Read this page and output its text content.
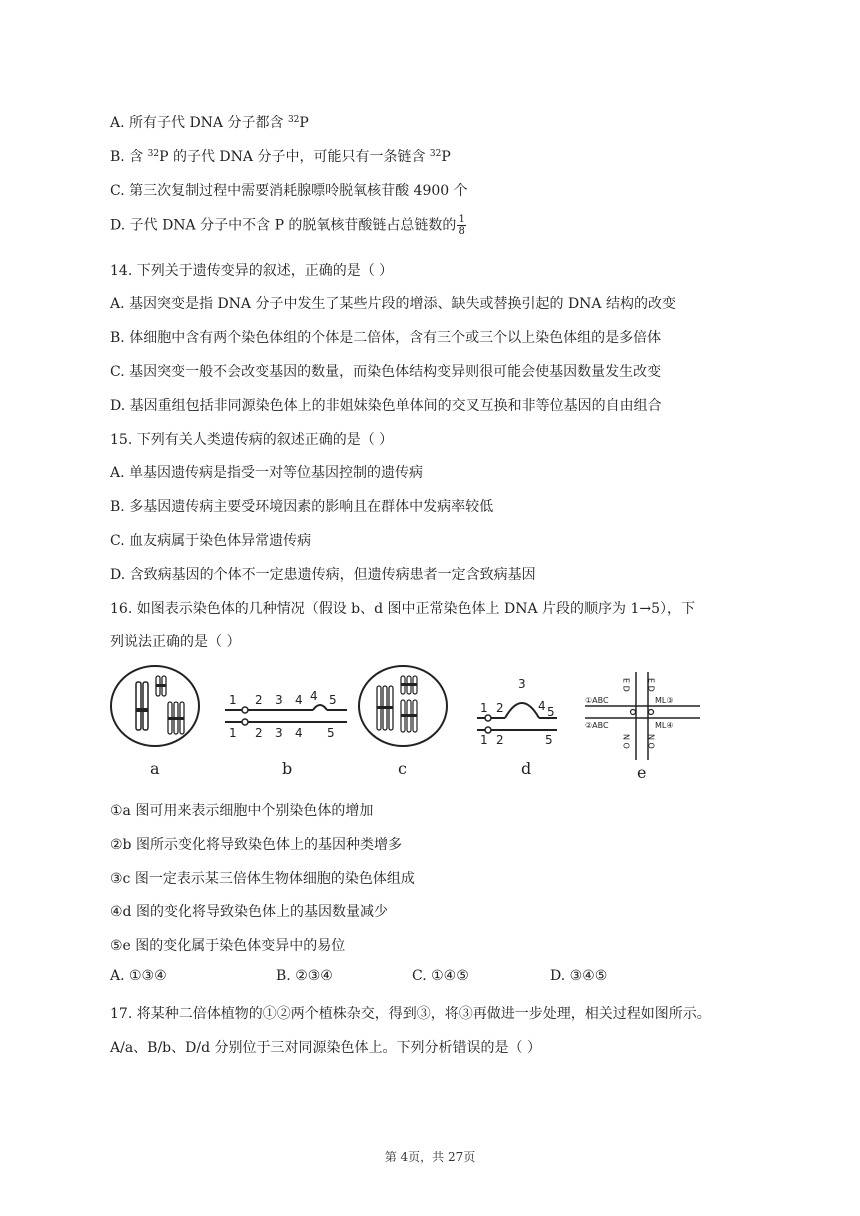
A. 所有子代 DNA 分子都含 $^{32}$P
B. 含 $^{32}$P 的子代 DNA 分子中，可能只有一条链含 $^{32}$P
C. 第三次复制过程中需要消耗腺嘌呤脱氧核苷酸 4900 个
D. 子代 DNA 分子中不含 P 的脱氧核苷酸链占总链数的 $\frac{1}{8}$
14. 下列关于遗传变异的叙述，正确的是（ ）
A. 基因突变是指 DNA 分子中发生了某些片段的增添、缺失或替换引起的 DNA 结构的改变
B. 体细胞中含有两个染色体组的个体是二倍体，含有三个或三个以上染色体组的是多倍体
C. 基因突变一般不会改变基因的数量，而染色体结构变异则很可能会使基因数量发生改变
D. 基因重组包括非同源染色体上的非姐妹染色单体间的交叉互换和非等位基因的自由组合
15. 下列有关人类遗传病的叙述正确的是（ ）
A. 单基因遗传病是指受一对等位基因控制的遗传病
B. 多基因遗传病主要受环境因素的影响且在群体中发病率较低
C. 血友病属于染色体异常遗传病
D. 含致病基因的个体不一定患遗传病，但遗传病患者一定含致病基因
16. 如图表示染色体的几种情况（假设 b、d 图中正常染色体上 DNA 片段的顺序为 1→5），下
列说法正确的是（ ）
a
1 2 3 4 4 5
1 2 3 4 5
b	c
1 2
3
4 5
1 2	5
d
①ABC
②ABC
ML③
ML④
E D E D
N O N O
e
①a 图可用来表示细胞中个别染色体的增加
②b 图所示变化将导致染色体上的基因种类增多
③c 图一定表示某三倍体生物体细胞的染色体组成
④d 图的变化将导致染色体上的基因数量减少
⑤e 图的变化属于染色体变异中的易位
A. ①③④	B. ②③④	C. ①④⑤	D. ③④⑤
17. 将某种二倍体植物的①②两个植株杂交，得到③，将③再做进一步处理，相关过程如图所示。
A/a、B/b、D/d 分别位于三对同源染色体上。下列分析错误的是（ ）
第 4页，共 27页
